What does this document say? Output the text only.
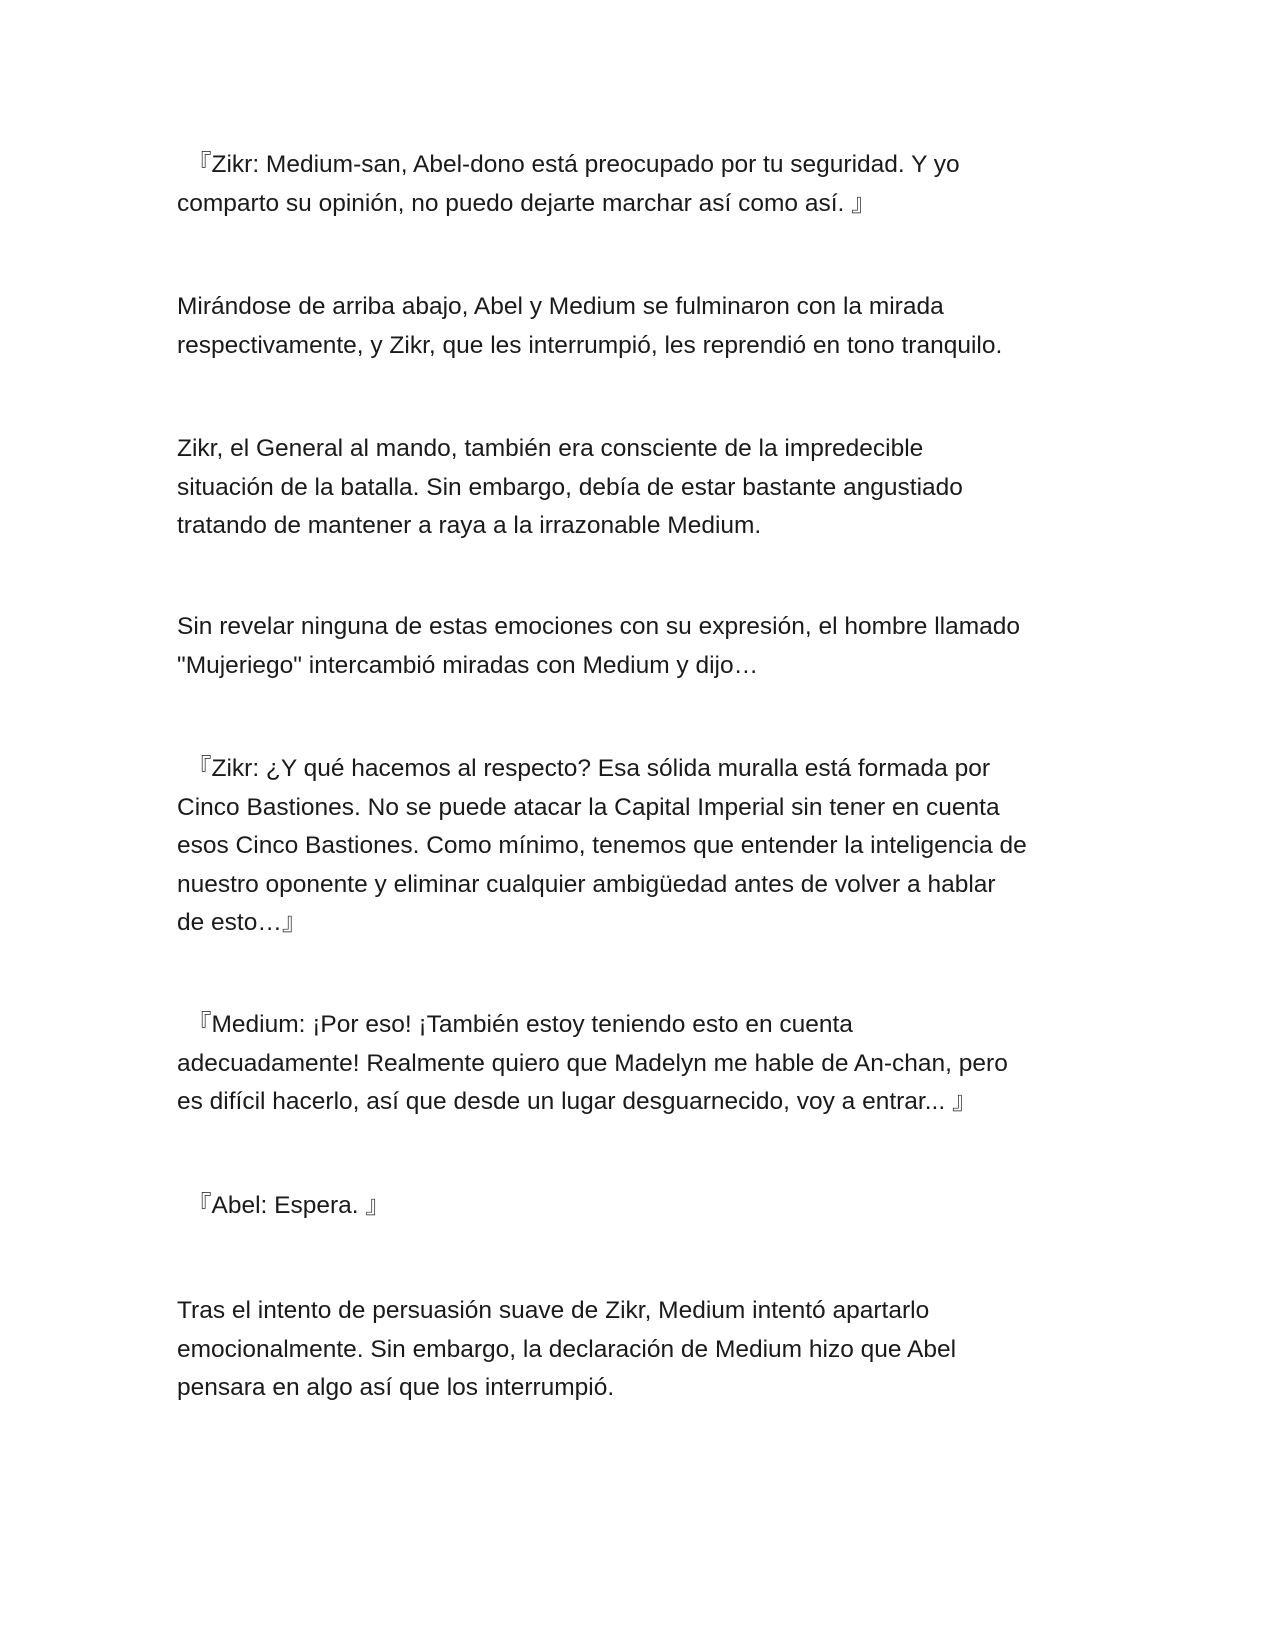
『Zikr: Medium-san, Abel-dono está preocupado por tu seguridad. Y yo
comparto su opinión, no puedo dejarte marchar así como así. 』

Mirándose de arriba abajo, Abel y Medium se fulminaron con la mirada
respectivamente, y Zikr, que les interrumpió, les reprendió en tono tranquilo.

Zikr, el General al mando, también era consciente de la impredecible
situación de la batalla. Sin embargo, debía de estar bastante angustiado
tratando de mantener a raya a la irrazonable Medium.

Sin revelar ninguna de estas emociones con su expresión, el hombre llamado
"Mujeriego" intercambió miradas con Medium y dijo…

『Zikr: ¿Y qué hacemos al respecto? Esa sólida muralla está formada por
Cinco Bastiones. No se puede atacar la Capital Imperial sin tener en cuenta
esos Cinco Bastiones. Como mínimo, tenemos que entender la inteligencia de
nuestro oponente y eliminar cualquier ambigüedad antes de volver a hablar
de esto…』

『Medium: ¡Por eso! ¡También estoy teniendo esto en cuenta
adecuadamente! Realmente quiero que Madelyn me hable de An-chan, pero
es difícil hacerlo, así que desde un lugar desguarnecido, voy a entrar... 』

『Abel: Espera. 』

Tras el intento de persuasión suave de Zikr, Medium intentó apartarlo
emocionalmente. Sin embargo, la declaración de Medium hizo que Abel
pensara en algo así que los interrumpió.
